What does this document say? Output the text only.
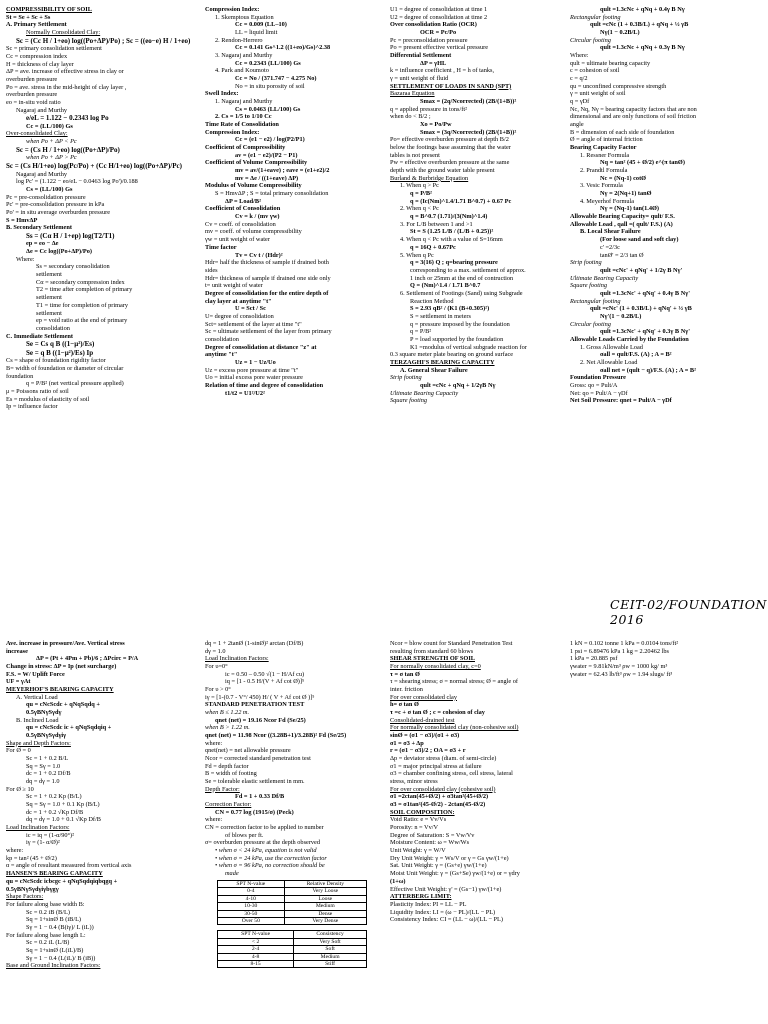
COMPRESSIBILITY OF SOIL
St = Se + Sc + Ss
A. Primary Settlement
Normally Consolidated Clay:
Sc = (Cc H / 1+eo) log((Po+ΔP)/Po) ; Sc = ((eo−e) H / 1+eo)
Sc = primary consolidation settlement
Cc = compression index
H = thickness of clay layer
ΔP = ave. increase of effective stress in clay or
overburden pressure
Po = ave. stress in the mid-height of clay layer ,
overburden pressure
eo = in-situ void ratio
Nagaraj and Murthy
e/eL = 1.122 − 0.2343 log Po
Cc = (LL/100) Gs
Over-consolidated Clay:
when Po + ΔP < Pc
Sc = (Cs H / 1+eo) log((Po+ΔP)/Po)
when Po + ΔP > Pc
Sc = (Cs H/1+eo) log(Pc/Po) + (Cc H/1+eo) log((Po+ΔP)/Pc)
Nagaraj and Murthy
log Pc' = (1.122 − eo/eL − 0.0463 log Po')/0.188
Cs = (LL/100) Gs
Pc = pre-consolidation pressure
Pc' = pre-consolidation pressure in kPa
Po' = in situ average overburden pressure
S = HmvΔP
B. Secondary Settlement
Ss = (Cα H / 1+ep) log(T2/T1)
ep = eo − Δe
Δe = Cc log((Po+ΔP)/Po)
Where:
Ss = secondary consolidation
settlement
Cα = secondary compression index
T2 = time after completion of primary
settlement
T1 = time for completion of primary
settlement
ep = void ratio at the end of primary
consolidation
C. Immediate Settlement
Se = Cs q B ((1−μ²)/Es)
Se = q B ((1−μ²)/Es) Ip
Cs = shape of foundation rigidity factor
B= width of foundation or diameter of circular
foundation
q = P/B² (net vertical pressure applied)
μ = Poissons ratio of soil
Es = modulus of elasticity of soil
Ip = influence factor
Compression Index:
1. Skemptous Equation
Cc = 0.009 (LL–10)
LL = liquid limit
2. Rendon-Herrero
Cc = 0.141 Gs^1.2 ((1+eo)/Gs)^2.38
3. Nagaraj and Murthy
Cc = 0.2343 (LL/100) Gs
4. Park and Koumoto
Cc = No / (371.747 − 4.275 No)
No = in situ porosity of soil
Swell Index:
1. Nagaraj and Murthy
Cs = 0.0463 (LL/100) Gs
2. Cs = 1/5 to 1/10 Cc
Time Rate of Consolidation
Compression Index:
Cc = (e1 − e2) / log(P2/P1)
Coefficient of Compressibility
av = (e1 − e2)/(P2 − P1)
Coefficient of Volume Compressibility
mv = av/(1+eave) ; eave = (e1+e2)/2
mv = Δe / ((1+eave) ΔP)
Modulus of Volume Compressibility
S = HmvΔP ; S = total primary consolidation
ΔP = Load/B²
Coefficient of Consolidation
Cv = k / (mv γw)
Cv = coeff. of consolidation
mv = coeff. of volume compressibility
γw = unit weight of water
Time factor
Tv = Cv t / (Hdr)²
Hdr= half the thickness of sample if drained both
sides
Hdr= thickness of sample if drained one side only
t= unit weight of water
Degree of consolidation for the entire depth of
clay layer at anytime "t"
U = Sct / Sc
U= degree of consolidation
Sct= settlement of the layer at time "t"
Sc = ultimate settlement of the layer from primary
consolidation
Degree of consolidation at distance "z" at
anytime "t"
Uz = 1 − Uz/Uo
Uz = excess pore pressure at time "t"
Uo = initial excess pore water pressure
Relation of time and degree of consolidation
t1/t2 = U1²/U2²
U1 = degree of consolidation at time 1
U2 = degree of consolidation at time 2
Over consolidation Ratio (OCR)
OCR = Pc/Po
Pc = preconsolidation pressure
Po = present effective vertical pressure
Differential Settlement
ΔP = γHL
k = influence coefficient , H = h of tanks,
γ = unit weight of fluid
SETTLEMENT OF LOADS IN SAND (SPT)
Bazaraa Equation
Smax = (2q/Ncorrected) (2B/(1+B))²
q = applied pressure in tons/ft²
when do < B/2 ;
Xo = Po/Pw
Smax = (3q/Ncorrected) (2B/(1+B))²
Po= effective overburden pressure at depth B/2
below the footings base assuming that the water
tables is not present
Pw = effective overburden pressure at the same
depth with the ground water table present
Burland & Burbridge Equation
1. When q > Pc
q = P/B²
q = (Ic(Nm)^1.4/1.71 B^0.7) + 0.67 Pc
2. When q < Pc
q = B^0.7 (1.71)/(3(Nm)^1.4)
3. For L/B between 1 and >1
St = S (1.25 L/B / (L/B + 0.25))²
4. When q < Pc with a value of S=16mm
q = 16Q + 0.67Pc
5. When q Pc
q = 3(16) Q ; q=bearing pressure
corresponding to a max. settlement of approx.
1 inch or 25mm at the end of contruction
Q = (Nm)^1.4 / 1.71 B^0.7
6. Settlement of Footings (Sand) using Subgrade
Reaction Method
S = 2.93 qB² / (K1 (B+0.305)²)
S = settlement in meters
q = pressure imposed by the foundation
q = P/B²
P = load supported by the foundation
K1 =modulus of vertical subgrade reaction for
0.3 square meter plate bearing on ground surface
TERZAGHI'S BEARING CAPACITY
A. General Shear Failure
Strip footing
qult =cNc + qNq + 1/2γB Nγ
Ultimate Bearing Capacity
Square footing
qult =1.3cNc + qNq + 0.4γ B Nγ
Rectangular footing
qult =cNc (1 + 0.3B/L) + qNq + ½ γB
Nγ(1 − 0.2B/L)
Circular footing
qult =1.3cNc + qNq + 0.3γ B Nγ
Where:
qult = ultimate bearing capacity
c = cohesion of soil
c = q/2
qu = unconfined compressive strength
γ = unit weight of soil
q = γDf
Nc, Nq, Nγ = bearing capacity factors that are non
dimensional and are only functions of soil friction
angle
B = dimension of each side of foundation
Ø = angle of internal friction
Bearing Capacity Factor
1. Ressner Formula
Nq = tan² (45 + Ø/2) e^(π tanØ)
2. Prandtl Formula
Nc = (Nq-1) cotØ
3. Vesic Formula
Nγ = 2(Nq+1) tanØ
4. Meyerhof Formula
Nγ = (Nq-1) tan(1.4Ø)
Allowable Bearing Capacity= qult/ F.S.
Allowable Load , qall =( qult/ F.S.) (A)
B. Local Shear Failure
(For loose sand and soft clay)
c' =2/3c
tanØ' = 2/3 tan Ø
Strip footing
qult =cNc' + qNq' + 1/2γ B Nγ'
Ultimate Bearing Capacity
Square footing
qult =1.3cNc' + qNq' + 0.4γ B Nγ'
Rectangular footing
qult =cNc' (1 + 0.3B/L) + qNq' + ½ γB
Nγ'(1 − 0.2B/L)
Circular footing
qult =1.3cNc' + qNq' + 0.3γ B Nγ'
Allowable Loads Carried by the Foundation
1. Gross Allowable Load
σall = qult/F.S. (A) ; A = B²
2. Net Allowable Load
σall net = (qult − q)/F.S. (A) ; A = B²
Foundation Pressure
Gross: qo = Pult/A
Net: qo = Pult/A − γDf
Net Soil Pressure: qnet = Pult/A − γDf
CEIT-02/FOUNDATION 2016
Ave. increase in pressure/Ave. Vertical stress
increase
ΔP = (Pt + 4Pm + Pb)/6 ; ΔPcirc = P/A
Change in stress: ΔP = Ip (net surcharge)
F.S. = W/ Uplift Force
UF = γAt
MEYERHOF'S BEARING CAPACITY
A. Vertical Load
qu = cNcScdc + qNqSqdq +
0.5γBNγSγdγ
B. Inclined Load
qu = cNcScdc ic + qNqSqdqiq +
0.5γBNγSγdγiγ
Shape and Depth Factors:
For Ø = 0
Sc = 1 + 0.2 B/L
Sq = Sγ = 1.0
dc = 1 + 0.2 Df/B
dq = dγ = 1.0
For Ø ≥ 10
Sc = 1 + 0.2 Kp (B/L)
Sq = Sγ = 1.0 + 0.1 Kp (B/L)
dc = 1 + 0.2 √Kp Df/B
dq = dγ = 1.0 + 0.1 √Kp Df/B
Load Inclination Factors:
ic = iq = (1-α/90°)²
iγ = (1- α/Ø)²
where:
kp = tan² (45 + Ø/2)
α = angle of resultant measured from vertical axis
HANSEN'S BEARING CAPACITY
qu = cNcScdc icbcgc + qNqSqdqiqbqgq +
0.5γBNγSγdγiγbγgγ
Shape Factors:
For failure along base width B:
Sc = 0.2 iB (B/L)
Sq = 1+sinØ B (iB/L)
Sγ = 1 − 0.4 (B(iγ)/ L (iL))
For failure along base length L:
Sc = 0.2 iL (L/B)
Sq = 1+sinØ (L(iL)/B)
Sγ = 1 − 0.4 (L(iL)/ B (iB))
Base and Ground Inclination Factors:
dq = 1 + 2tanØ (1-sinØ)² arctan (Df/B)
dγ = 1.0
Load Inclination Factors:
For υ=0°
ic = 0.50 – 0.50 √(1 − H/Af cu)
iq = [1 - 0.5 H/(V + Af cot Ø)]⁵
For υ > 0°
iγ = [1-(0.7 - V°/ 450) H/ ( V + Af cot Ø )]⁵
STANDARD PENETRATION TEST
when B ≤ 1.22 m.
qnet (net) = 19.16 Ncor Fd (Se/25)
when B > 1.22 m.
qnet (net) = 11.98 Ncor ((3.28B+1)/3.28B)² Fd (Se/25)
where:
qnet(net) = net allowable pressure
Ncor = corrected standard penetration test
Fd = depth factor
B = width of footing
Se = tolerable elastic settlement in mm.
Depth Factor:
Fd = 1 + 0.33 Df/B
Correction Factor:
CN = 0.77 log (1915/σ) (Peck)
where:
CN = correction factor to be applied to number
of blows per ft.
σ= overburden pressure at the depth observed
• when σ < 24 kPa, equation is not valid
• when σ = 24 kPa, use the correction factor
• when σ = 96 kPa, no correction should be
made
SPT N-value	Relative Density
0-4	Very Loose
4-10	Loose
10-30	Medium
30-50	Dense
Over 50	Very Dense
SPT N-value	Consistency
< 2	Very Soft
2-4	Soft
4-8	Medium
8-15	Stiff
Ncor = blow count for Standard Penetration Test
resulting from standard 60 blows
SHEAR STRENGTH OF SOIL
For normally consolidated clay, c=0
τ = σ tan Ø
τ = shearing stress; σ = normal stress; Ø = angle of
inter. friction
For over consolidated clay
h= σ tan Ø
τ =c + σ tan Ø ; c = cohesion of clay
Consolidated-drained test
For normally consolidated clay (non-cohesive soil)
sinØ = (σ1 − σ3)/(σ1 + σ3)
σ1 = σ3 + Δp
r = (σ1 − σ3)/2 ; OA = σ3 + r
Δp = deviator stress (diam. of semi-circle)
σ1 = major principal stress at failure
σ3 = chamber confining stress, cell stress, lateral
stress, minor stress
For over consolidated clay (cohesive soil)
σ1 =2ctan(45+Ø/2) + σ3tan²(45+Ø/2)
σ3 = σ1tan²(45-Ø/2) - 2ctan(45-Ø/2)
SOIL COMPOSITION:
Void Ratio: e = Vv/Vs
Porosity: n = Vv/V
Degree of Saturation: S = Vw/Vv
Moisture Content: ω = Ww/Ws
Unit Weight: γ = W/V
Dry Unit Weight: γ = Ws/V or γ = Gs γw/(1+e)
Sat. Unit Weight: γ = (Gs+e) γw/(1+e)
Moist Unit Weight: γ = (Gs+Se) γw/(1+e) or = γdry
(1+ω)
Effective Unit Weight: γ' = (Gs−1) γw/(1+e)
ATTERBERG LIMIT:
Plasticity Index: PI = LL − PL
Liquidity Index: LI = (ω − PL)/(LL − PL)
Consistency Index: CI = (LL − ω)/(LL − PL)
1 kN = 0.102 tonne 1 kPa = 0.0104 tons/ft²
1 psi = 6.89476 kPa 1 kg = 2.20462 lbs
1 kPa = 20.885 psf
γwater = 9.81kN/m³ ρw = 1000 kg/ m³
γwater = 62.43 lb/ft³ ρw = 1.94 slugs/ ft³
